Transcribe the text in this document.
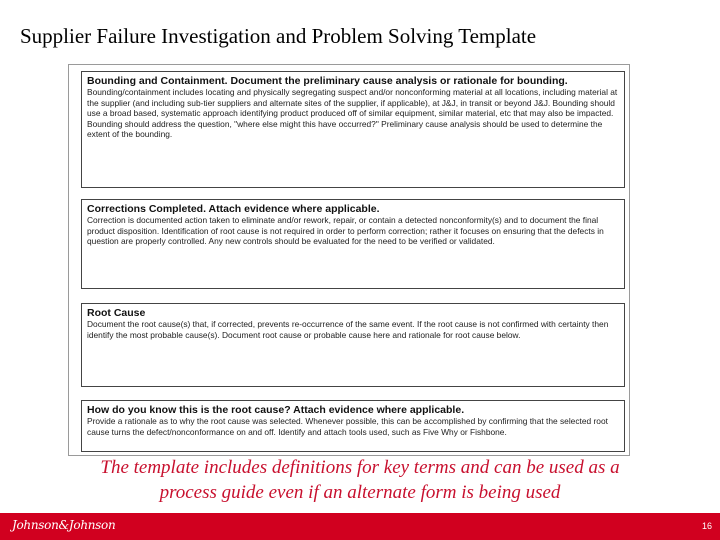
Supplier Failure Investigation and Problem Solving Template
Bounding and Containment. Document the preliminary cause analysis or rationale for bounding.
Bounding/containment includes locating and physically segregating suspect and/or nonconforming material at all locations, including material at the supplier (and including sub-tier suppliers and alternate sites of the supplier, if applicable), at J&J, in transit or beyond J&J. Bounding should use a broad based, systematic approach identifying product produced off of similar equipment, similar material, etc that may also be impacted. Bounding should address the question, "where else might this have occurred?" Preliminary cause analysis should be used to determine the extent of the bounding.
Corrections Completed. Attach evidence where applicable.
Correction is documented action taken to eliminate and/or rework, repair, or contain a detected nonconformity(s) and to document the final product disposition. Identification of root cause is not required in order to perform correction; rather it focuses on ensuring that the defects in question are properly controlled. Any new controls should be evaluated for the need to be verified or validated.
Root Cause
Document the root cause(s) that, if corrected, prevents re-occurrence of the same event. If the root cause is not confirmed with certainty then identify the most probable cause(s). Document root cause or probable cause here and rationale for root cause below.
How do you know this is the root cause? Attach evidence where applicable.
Provide a rationale as to why the root cause was selected. Whenever possible, this can be accomplished by confirming that the selected root cause turns the defect/nonconformance on and off. Identify and attach tools used, such as Five Why or Fishbone.
The template includes definitions for key terms and can be used as a
process guide even if an alternate form is being used
Johnson&Johnson	16
